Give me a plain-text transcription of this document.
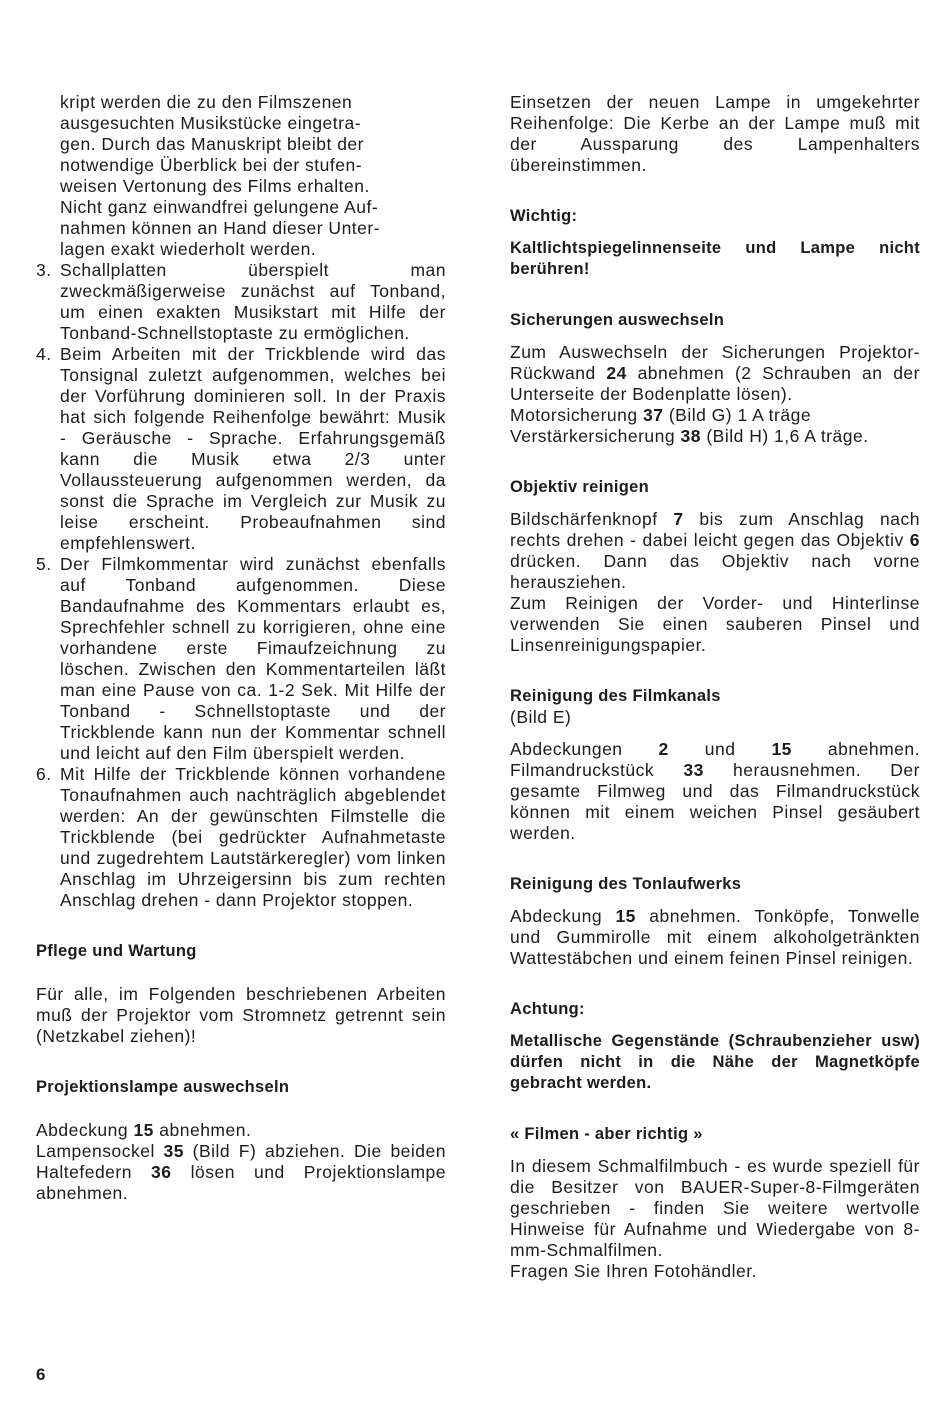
kript werden die zu den Filmszenen

ausgesuchten Musikstücke eingetra-

gen. Durch das Manuskript bleibt der

notwendige Überblick bei der stufen-

weisen Vertonung des Films erhalten.

Nicht ganz einwandfrei gelungene Auf-

nahmen können an Hand dieser Unter-

lagen exakt wiederholt werden.

3. Schallplatten überspielt man zweckmäßigerweise zunächst auf Tonband, um einen exakten Musikstart mit Hilfe der Tonband-Schnellstoptaste zu ermöglichen.
4. Beim Arbeiten mit der Trickblende wird das Tonsignal zuletzt aufgenommen, welches bei der Vorführung dominieren soll. In der Praxis hat sich folgende Reihenfolge bewährt: Musik - Geräusche - Sprache. Erfahrungsgemäß kann die Musik etwa 2/3 unter Vollaussteuerung aufgenommen werden, da sonst die Sprache im Vergleich zur Musik zu leise erscheint. Probeaufnahmen sind empfehlenswert.
5. Der Filmkommentar wird zunächst ebenfalls auf Tonband aufgenommen. Diese Bandaufnahme des Kommentars erlaubt es, Sprechfehler schnell zu korrigieren, ohne eine vorhandene erste Fimaufzeichnung zu löschen. Zwischen den Kommentarteilen läßt man eine Pause von ca. 1-2 Sek. Mit Hilfe der Tonband - Schnellstoptaste und der Trickblende kann nun der Kommentar schnell und leicht auf den Film überspielt werden.
6. Mit Hilfe der Trickblende können vorhandene Tonaufnahmen auch nachträglich abgeblendet werden: An der gewünschten Filmstelle die Trickblende (bei gedrückter Aufnahmetaste und zugedrehtem Lautstärkeregler) vom linken Anschlag im Uhrzeigersinn bis zum rechten Anschlag drehen - dann Projektor stoppen.
Pflege und Wartung

Für alle, im Folgenden beschriebenen Arbeiten muß der Projektor vom Stromnetz getrennt sein (Netzkabel ziehen)!

Projektionslampe auswechseln

Abdeckung 15 abnehmen.

Lampensockel 35 (Bild F) abziehen. Die beiden Haltefedern 36 lösen und Projektionslampe abnehmen.

Einsetzen der neuen Lampe in umgekehrter Reihenfolge: Die Kerbe an der Lampe muß mit der Aussparung des Lampenhalters übereinstimmen.

Wichtig:

Kaltlichtspiegelinnenseite und Lampe nicht berühren!

Sicherungen auswechseln

Zum Auswechseln der Sicherungen Projektor-Rückwand 24 abnehmen (2 Schrauben an der Unterseite der Bodenplatte lösen).

Motorsicherung 37 (Bild G) 1 A träge

Verstärkersicherung 38 (Bild H) 1,6 A träge.

Objektiv reinigen

Bildschärfenknopf 7 bis zum Anschlag nach rechts drehen - dabei leicht gegen das Objektiv 6 drücken. Dann das Objektiv nach vorne herausziehen.

Zum Reinigen der Vorder- und Hinterlinse verwenden Sie einen sauberen Pinsel und Linsenreinigungspapier.

Reinigung des Filmkanals

(Bild E)

Abdeckungen 2 und 15 abnehmen. Filmandruckstück 33 herausnehmen. Der gesamte Filmweg und das Filmandruckstück können mit einem weichen Pinsel gesäubert werden.

Reinigung des Tonlaufwerks

Abdeckung 15 abnehmen. Tonköpfe, Tonwelle und Gummirolle mit einem alkoholgetränkten Wattestäbchen und einem feinen Pinsel reinigen.

Achtung:

Metallische Gegenstände (Schraubenzieher usw) dürfen nicht in die Nähe der Magnetköpfe gebracht werden.

« Filmen - aber richtig »

In diesem Schmalfilmbuch - es wurde speziell für die Besitzer von BAUER-Super-8-Filmgeräten geschrieben - finden Sie weitere wertvolle Hinweise für Aufnahme und Wiedergabe von 8-mm-Schmalfilmen.

Fragen Sie Ihren Fotohändler.

6
